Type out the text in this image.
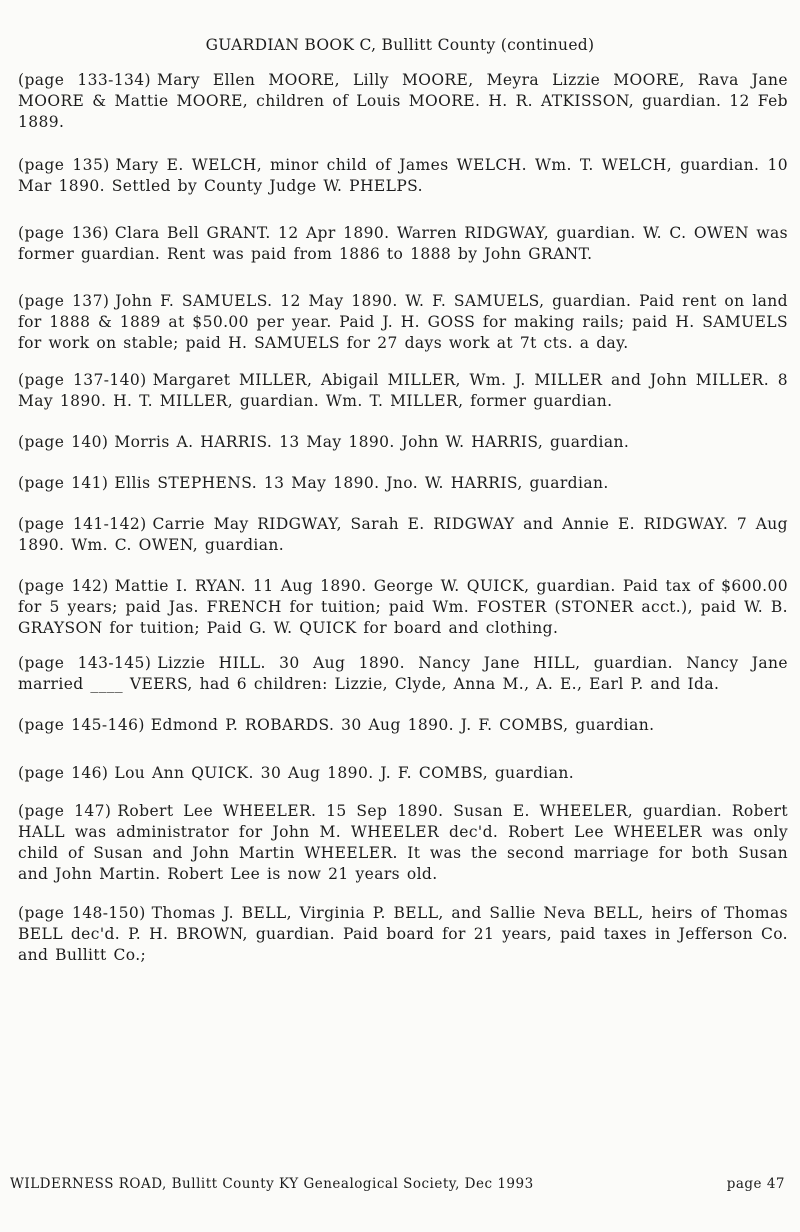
GUARDIAN BOOK C, Bullitt County (continued)

(page 133-134) Mary Ellen MOORE, Lilly MOORE, Meyra Lizzie MOORE, Rava Jane MOORE & Mattie MOORE, children of Louis MOORE. H. R. ATKISSON, guardian. 12 Feb 1889.

(page 135) Mary E. WELCH, minor child of James WELCH. Wm. T. WELCH, guardian. 10 Mar 1890. Settled by County Judge W. PHELPS.

(page 136) Clara Bell GRANT. 12 Apr 1890. Warren RIDGWAY, guardian. W. C. OWEN was former guardian. Rent was paid from 1886 to 1888 by John GRANT.

(page 137) John F. SAMUELS. 12 May 1890. W. F. SAMUELS, guardian. Paid rent on land for 1888 & 1889 at $50.00 per year. Paid J. H. GOSS for making rails; paid H. SAMUELS for work on stable; paid H. SAMUELS for 27 days work at 7t cts. a day.

(page 137-140) Margaret MILLER, Abigail MILLER, Wm. J. MILLER and John MILLER. 8 May 1890. H. T. MILLER, guardian. Wm. T. MILLER, former guardian.

(page 140) Morris A. HARRIS. 13 May 1890. John W. HARRIS, guardian.

(page 141) Ellis STEPHENS. 13 May 1890. Jno. W. HARRIS, guardian.

(page 141-142) Carrie May RIDGWAY, Sarah E. RIDGWAY and Annie E. RIDGWAY. 7 Aug 1890. Wm. C. OWEN, guardian.

(page 142) Mattie I. RYAN. 11 Aug 1890. George W. QUICK, guardian. Paid tax of $600.00 for 5 years; paid Jas. FRENCH for tuition; paid Wm. FOSTER (STONER acct.), paid W. B. GRAYSON for tuition; Paid G. W. QUICK for board and clothing.

(page 143-145) Lizzie HILL. 30 Aug 1890. Nancy Jane HILL, guardian. Nancy Jane married ____ VEERS, had 6 children: Lizzie, Clyde, Anna M., A. E., Earl P. and Ida.

(page 145-146) Edmond P. ROBARDS. 30 Aug 1890. J. F. COMBS, guardian.

(page 146) Lou Ann QUICK. 30 Aug 1890. J. F. COMBS, guardian.

(page 147) Robert Lee WHEELER. 15 Sep 1890. Susan E. WHEELER, guardian. Robert HALL was administrator for John M. WHEELER dec'd. Robert Lee WHEELER was only child of Susan and John Martin WHEELER. It was the second marriage for both Susan and John Martin. Robert Lee is now 21 years old.

(page 148-150) Thomas J. BELL, Virginia P. BELL, and Sallie Neva BELL, heirs of Thomas BELL dec'd. P. H. BROWN, guardian. Paid board for 21 years, paid taxes in Jefferson Co. and Bullitt Co.;

WILDERNESS ROAD, Bullitt County KY Genealogical Society, Dec 1993	page 47
